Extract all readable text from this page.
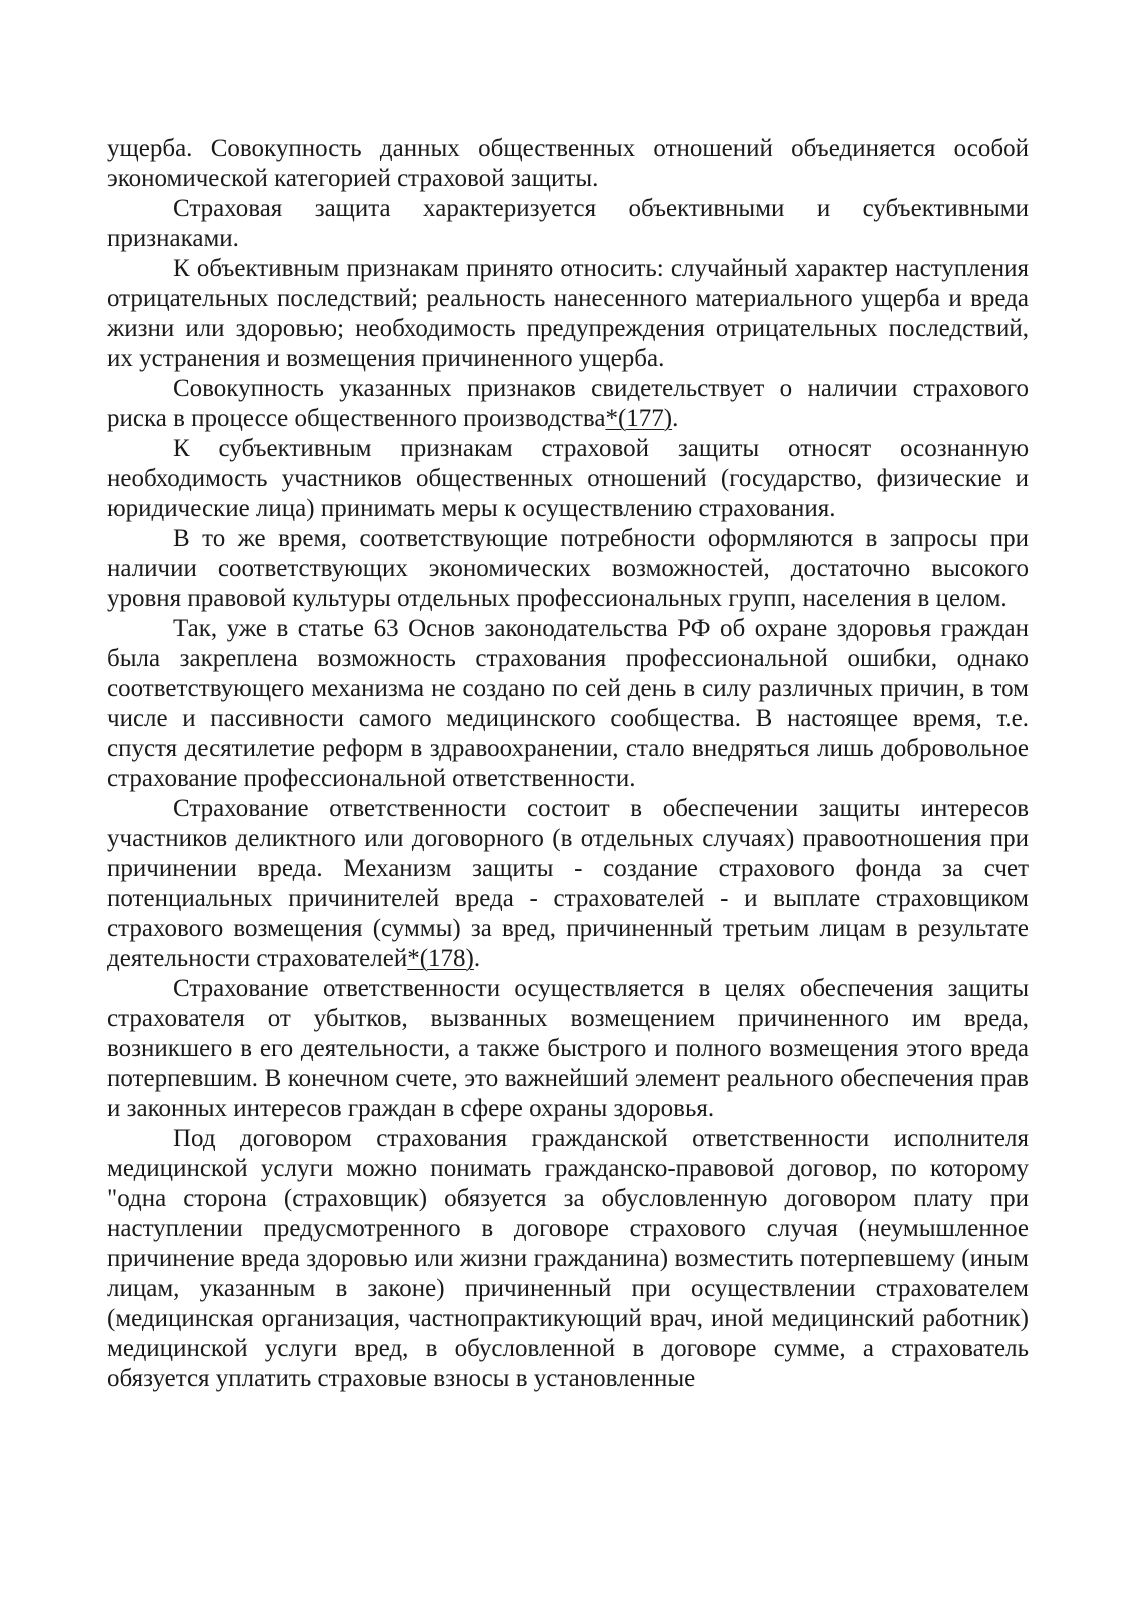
ущерба. Совокупность данных общественных отношений объединяется особой экономической категорией страховой защиты.

Страховая защита характеризуется объективными и субъективными признаками.

К объективным признакам принято относить: случайный характер наступления отрицательных последствий; реальность нанесенного материального ущерба и вреда жизни или здоровью; необходимость предупреждения отрицательных последствий, их устранения и возмещения причиненного ущерба.

Совокупность указанных признаков свидетельствует о наличии страхового риска в процессе общественного производства*(177).

К субъективным признакам страховой защиты относят осознанную необходимость участников общественных отношений (государство, физические и юридические лица) принимать меры к осуществлению страхования.

В то же время, соответствующие потребности оформляются в запросы при наличии соответствующих экономических возможностей, достаточно высокого уровня правовой культуры отдельных профессиональных групп, населения в целом.

Так, уже в статье 63 Основ законодательства РФ об охране здоровья граждан была закреплена возможность страхования профессиональной ошибки, однако соответствующего механизма не создано по сей день в силу различных причин, в том числе и пассивности самого медицинского сообщества. В настоящее время, т.е. спустя десятилетие реформ в здравоохранении, стало внедряться лишь добровольное страхование профессиональной ответственности.

Страхование ответственности состоит в обеспечении защиты интересов участников деликтного или договорного (в отдельных случаях) правоотношения при причинении вреда. Механизм защиты - создание страхового фонда за счет потенциальных причинителей вреда - страхователей - и выплате страховщиком страхового возмещения (суммы) за вред, причиненный третьим лицам в результате деятельности страхователей*(178).

Страхование ответственности осуществляется в целях обеспечения защиты страхователя от убытков, вызванных возмещением причиненного им вреда, возникшего в его деятельности, а также быстрого и полного возмещения этого вреда потерпевшим. В конечном счете, это важнейший элемент реального обеспечения прав и законных интересов граждан в сфере охраны здоровья.

Под договором страхования гражданской ответственности исполнителя медицинской услуги можно понимать гражданско-правовой договор, по которому "одна сторона (страховщик) обязуется за обусловленную договором плату при наступлении предусмотренного в договоре страхового случая (неумышленное причинение вреда здоровью или жизни гражданина) возместить потерпевшему (иным лицам, указанным в законе) причиненный при осуществлении страхователем (медицинская организация, частнопрактикующий врач, иной медицинский работник) медицинской услуги вред, в обусловленной в договоре сумме, а страхователь обязуется уплатить страховые взносы в установленные
